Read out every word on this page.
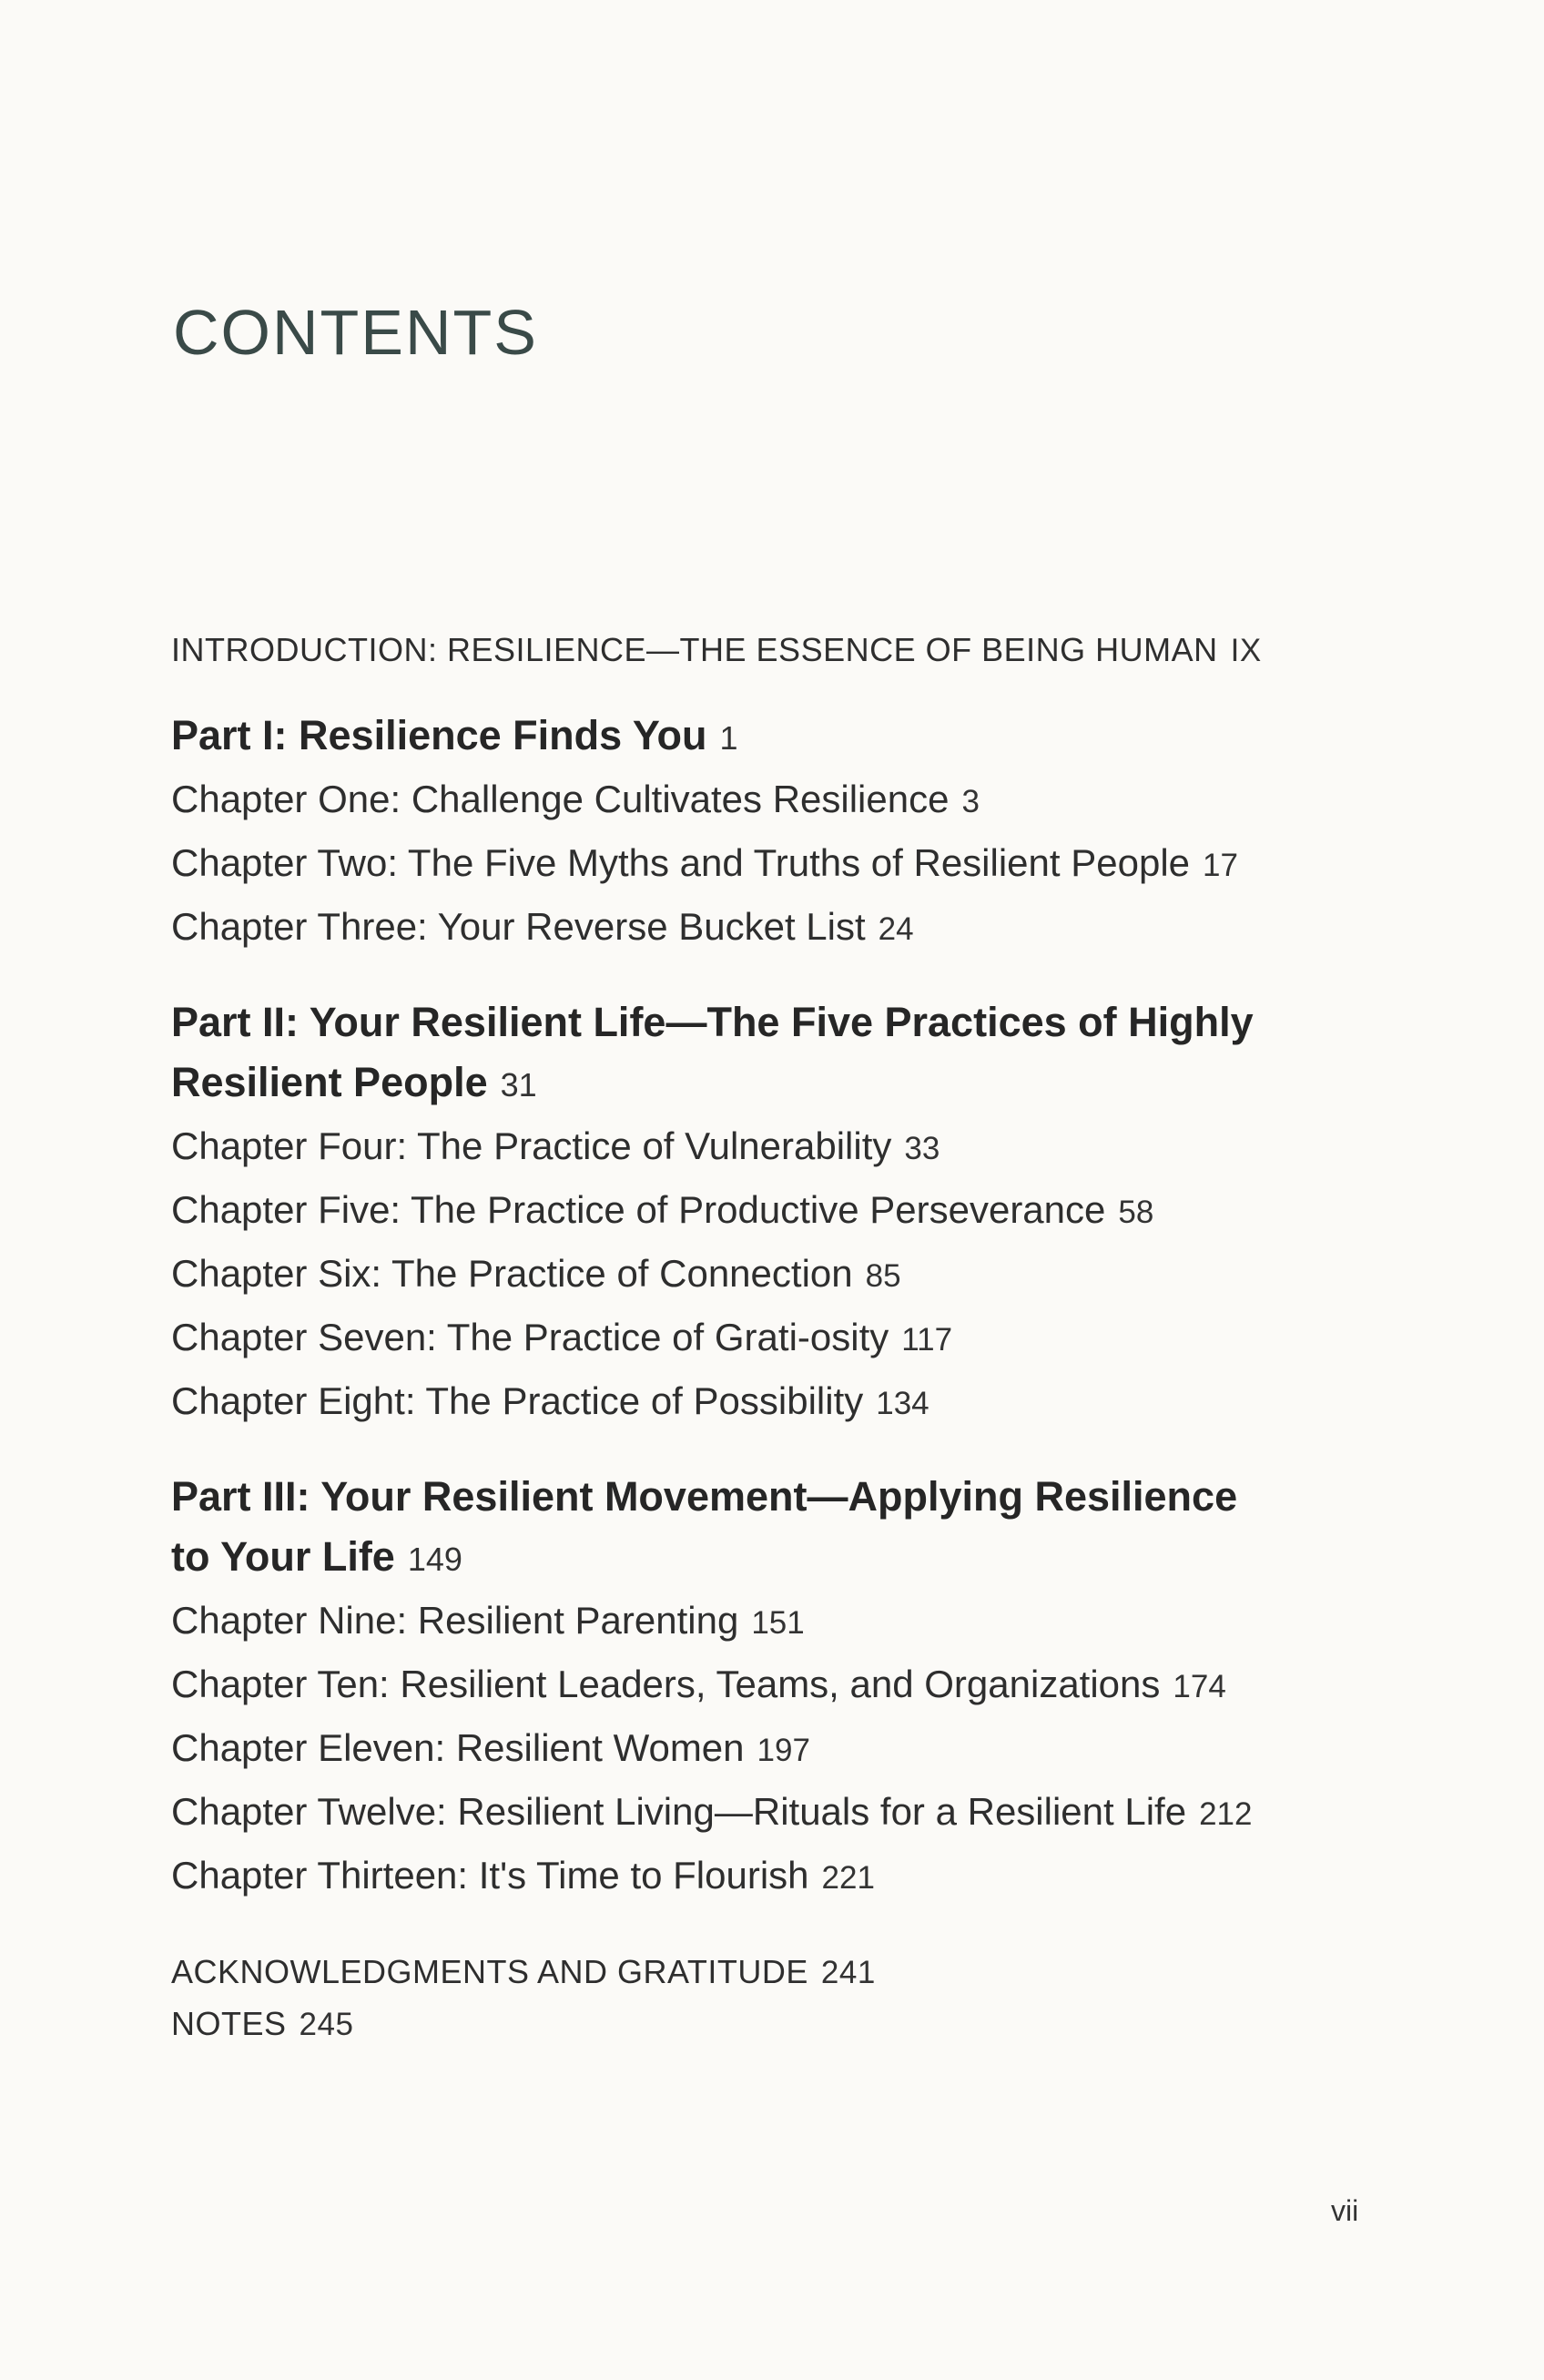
CONTENTS
INTRODUCTION: RESILIENCE—THE ESSENCE OF BEING HUMAN IX
Part I: Resilience Finds You 1
Chapter One: Challenge Cultivates Resilience 3
Chapter Two: The Five Myths and Truths of Resilient People 17
Chapter Three: Your Reverse Bucket List 24
Part II: Your Resilient Life—The Five Practices of Highly Resilient People 31
Chapter Four: The Practice of Vulnerability 33
Chapter Five: The Practice of Productive Perseverance 58
Chapter Six: The Practice of Connection 85
Chapter Seven: The Practice of Grati-osity 117
Chapter Eight: The Practice of Possibility 134
Part III: Your Resilient Movement—Applying Resilience to Your Life 149
Chapter Nine: Resilient Parenting 151
Chapter Ten: Resilient Leaders, Teams, and Organizations 174
Chapter Eleven: Resilient Women 197
Chapter Twelve: Resilient Living—Rituals for a Resilient Life 212
Chapter Thirteen: It's Time to Flourish 221
ACKNOWLEDGMENTS AND GRATITUDE 241
NOTES 245
vii
